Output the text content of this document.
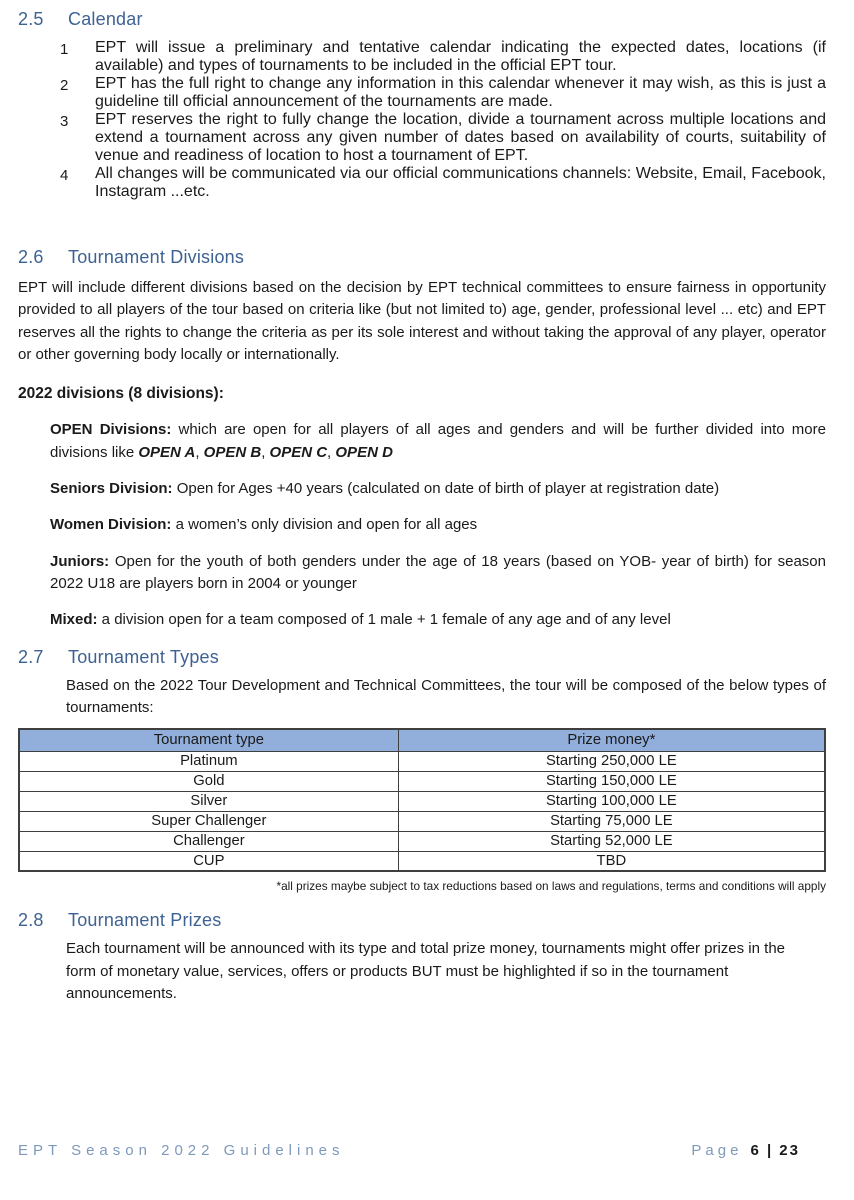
2.5 Calendar
1	EPT will issue a preliminary and tentative calendar indicating the expected dates, locations (if available) and types of tournaments to be included in the official EPT tour.
2	EPT has the full right to change any information in this calendar whenever it may wish, as this is just a guideline till official announcement of the tournaments are made.
3	EPT reserves the right to fully change the location, divide a tournament across multiple locations and extend a tournament across any given number of dates based on availability of courts, suitability of venue and readiness of location to host a tournament of EPT.
4	All changes will be communicated via our official communications channels: Website, Email, Facebook, Instagram ...etc.
2.6 Tournament Divisions

EPT will include different divisions based on the decision by EPT technical committees to ensure fairness in opportunity provided to all players of the tour based on criteria like (but not limited to) age, gender, professional level ... etc) and EPT reserves all the rights to change the criteria as per its sole interest and without taking the approval of any player, operator or other governing body locally or internationally.

2022 divisions (8 divisions):

OPEN Divisions: which are open for all players of all ages and genders and will be further divided into more divisions like OPEN A, OPEN B, OPEN C, OPEN D

Seniors Division: Open for Ages +40 years (calculated on date of birth of player at registration date)

Women Division: a women’s only division and open for all ages

Juniors: Open for the youth of both genders under the age of 18 years (based on YOB- year of birth) for season 2022 U18 are players born in 2004 or younger

Mixed: a division open for a team composed of 1 male + 1 female of any age and of any level

2.7 Tournament Types

Based on the 2022 Tour Development and Technical Committees, the tour will be composed of the below types of tournaments:

Tournament type	Prize money*
Platinum	Starting 250,000 LE
Gold	Starting 150,000 LE
Silver	Starting 100,000 LE
Super Challenger	Starting 75,000 LE
Challenger	Starting 52,000 LE
CUP	TBD

*all prizes maybe subject to tax reductions based on laws and regulations, terms and conditions will apply

2.8 Tournament Prizes

Each tournament will be announced with its type and total prize money, tournaments might offer prizes in the form of monetary value, services, offers or products BUT must be highlighted if so in the tournament announcements.

EPT Season 2022 Guidelines	Page 6 | 23
